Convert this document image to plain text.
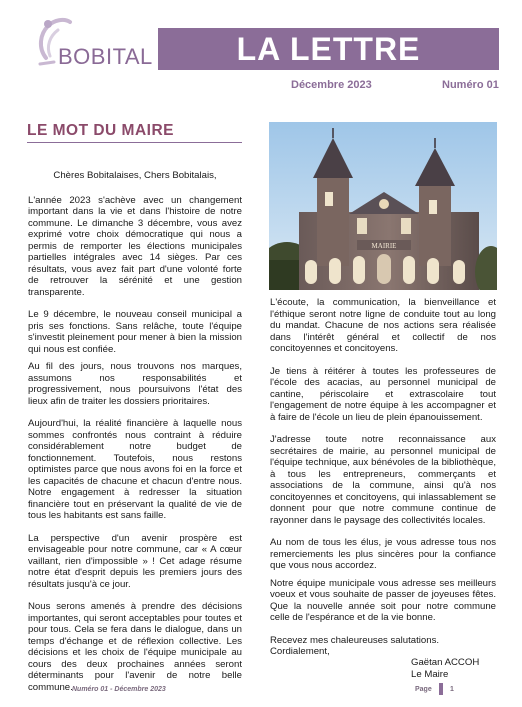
BOBITAL	LA LETTRE
Décembre 2023	Numéro 01
LE MOT DU MAIRE
MAIRIE

Chères Bobitalaises, Chers Bobitalais,

L'année 2023 s'achève avec un changement important dans la vie et dans l'histoire de notre commune. Le dimanche 3 décembre, vous avez exprimé votre choix démocratique qui nous a permis de remporter les élections municipales partielles intégrales avec 14 sièges. Par ces résultats, vous avez fait part d'une volonté forte de retrouver la sérénité et une gestion transparente.

Le 9 décembre, le nouveau conseil municipal a pris ses fonctions. Sans relâche, toute l'équipe s'investit pleinement pour mener à bien la mission qui nous est confiée.

Au fil des jours, nous trouvons nos marques, assumons nos responsabilités et progressivement, nous poursuivons l'état des lieux afin de traiter les dossiers prioritaires.

Aujourd'hui, la réalité financière à laquelle nous sommes confrontés nous contraint à réduire considérablement notre budget de fonctionnement. Toutefois, nous restons optimistes parce que nous avons foi en la force et les capacités de chacune et chacun d'entre nous. Notre engagement à redresser la situation financière tout en préservant la qualité de vie de tous les habitants est sans faille.

La perspective d'un avenir prospère est envisageable pour notre commune, car « A cœur vaillant, rien d'impossible » ! Cet adage résume notre état d'esprit depuis les premiers jours des résultats jusqu'à ce jour.

Nous serons amenés à prendre des décisions importantes, qui seront acceptables pour toutes et pour tous. Cela se fera dans le dialogue, dans un temps d'échange et de réflexion collective. Les décisions et les choix de l'équipe municipale au cours des deux prochaines années seront déterminants pour l'avenir de notre belle commune.

L'écoute, la communication, la bienveillance et l'éthique seront notre ligne de conduite tout au long du mandat. Chacune de nos actions sera réalisée dans l'intérêt général et collectif de nos concitoyennes et concitoyens.

Je tiens à réitérer à toutes les professeures de l'école des acacias, au personnel municipal de cantine, périscolaire et extrascolaire tout l'engagement de notre équipe à les accompagner et à faire de l'école un lieu de plein épanouissement.

J'adresse toute notre reconnaissance aux secrétaires de mairie, au personnel municipal de l'équipe technique, aux bénévoles de la bibliothèque, à tous les entrepreneurs, commerçants et associations de la commune, ainsi qu'à nos concitoyennes et concitoyens, qui inlassablement se donnent pour que notre commune continue de rayonner dans le paysage des collectivités locales.

Au nom de tous les élus, je vous adresse tous nos remerciements les plus sincères pour la confiance que vous nous accordez.

Notre équipe municipale vous adresse ses meilleurs voeux et vous souhaite de passer de joyeuses fêtes. Que la nouvelle année soit pour notre commune celle de l'espérance et de la vie bonne.

Recevez mes chaleureuses salutations.

Cordialement,

Gaëtan ACCOH
Le Maire
Numéro 01 - Décembre 2023	Page	1
